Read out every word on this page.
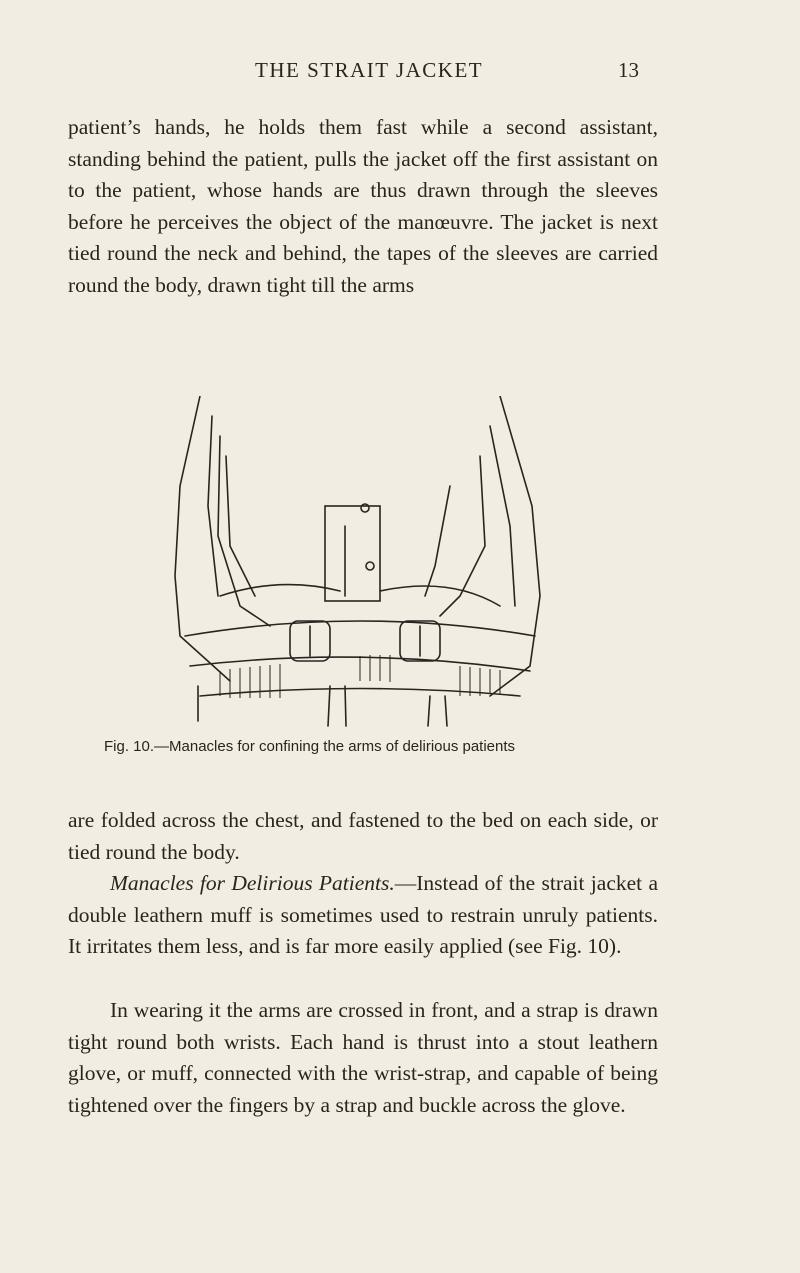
THE STRAIT JACKET	13

patient’s hands, he holds them fast while a second assistant, standing behind the patient, pulls the jacket off the first assistant on to the patient, whose hands are thus drawn through the sleeves before he perceives the object of the manœuvre. The jacket is next tied round the neck and behind, the tapes of the sleeves are carried round the body, drawn tight till the arms

Fig. 10.—Manacles for confining the arms of delirious patients

are folded across the chest, and fastened to the bed on each side, or tied round the body.

Manacles for Delirious Patients.—Instead of the strait jacket a double leathern muff is sometimes used to restrain unruly patients. It irritates them less, and is far more easily applied (see Fig. 10).

In wearing it the arms are crossed in front, and a strap is drawn tight round both wrists. Each hand is thrust into a stout leathern glove, or muff, connected with the wrist-strap, and capable of being tightened over the fingers by a strap and buckle across the glove.
